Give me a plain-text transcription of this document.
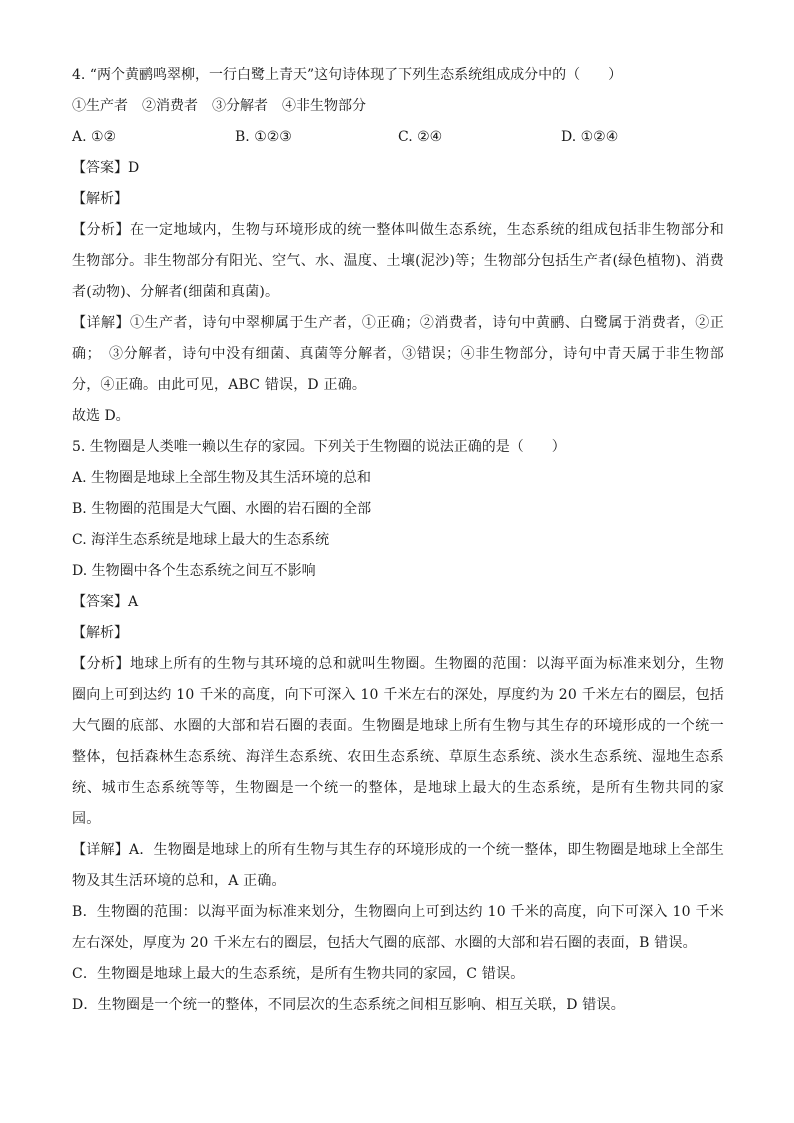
4. “两个黄鹂鸣翠柳，一行白鹭上青天”这句诗体现了下列生态系统组成成分中的（　　）

①生产者　②消费者　③分解者　④非生物部分

A. ①②	B. ①②③	C. ②④	D. ①②④

【答案】D

【解析】

【分析】在一定地域内，生物与环境形成的统一整体叫做生态系统，生态系统的组成包括非生物部分和生物部分。非生物部分有阳光、空气、水、温度、土壤(泥沙)等；生物部分包括生产者(绿色植物)、消费者(动物)、分解者(细菌和真菌)。

【详解】①生产者，诗句中翠柳属于生产者，①正确；②消费者，诗句中黄鹂、白鹭属于消费者，②正确；　③分解者，诗句中没有细菌、真菌等分解者，③错误；④非生物部分，诗句中青天属于非生物部分，④正确。由此可见，ABC 错误，D 正确。

故选 D。

5. 生物圈是人类唯一赖以生存的家园。下列关于生物圈的说法正确的是（　　）

A. 生物圈是地球上全部生物及其生活环境的总和

B. 生物圈的范围是大气圈、水圈的岩石圈的全部

C. 海洋生态系统是地球上最大的生态系统

D. 生物圈中各个生态系统之间互不影响

【答案】A

【解析】

【分析】地球上所有的生物与其环境的总和就叫生物圈。生物圈的范围：以海平面为标准来划分，生物圈向上可到达约 10 千米的高度，向下可深入 10 千米左右的深处，厚度约为 20 千米左右的圈层，包括大气圈的底部、水圈的大部和岩石圈的表面。生物圈是地球上所有生物与其生存的环境形成的一个统一整体，包括森林生态系统、海洋生态系统、农田生态系统、草原生态系统、淡水生态系统、湿地生态系统、城市生态系统等等，生物圈是一个统一的整体，是地球上最大的生态系统，是所有生物共同的家园。

【详解】A．生物圈是地球上的所有生物与其生存的环境形成的一个统一整体，即生物圈是地球上全部生物及其生活环境的总和，A 正确。

B．生物圈的范围：以海平面为标准来划分，生物圈向上可到达约 10 千米的高度，向下可深入 10 千米左右深处，厚度为 20 千米左右的圈层，包括大气圈的底部、水圈的大部和岩石圈的表面，B 错误。

C．生物圈是地球上最大的生态系统，是所有生物共同的家园，C 错误。

D．生物圈是一个统一的整体，不同层次的生态系统之间相互影响、相互关联，D 错误。
